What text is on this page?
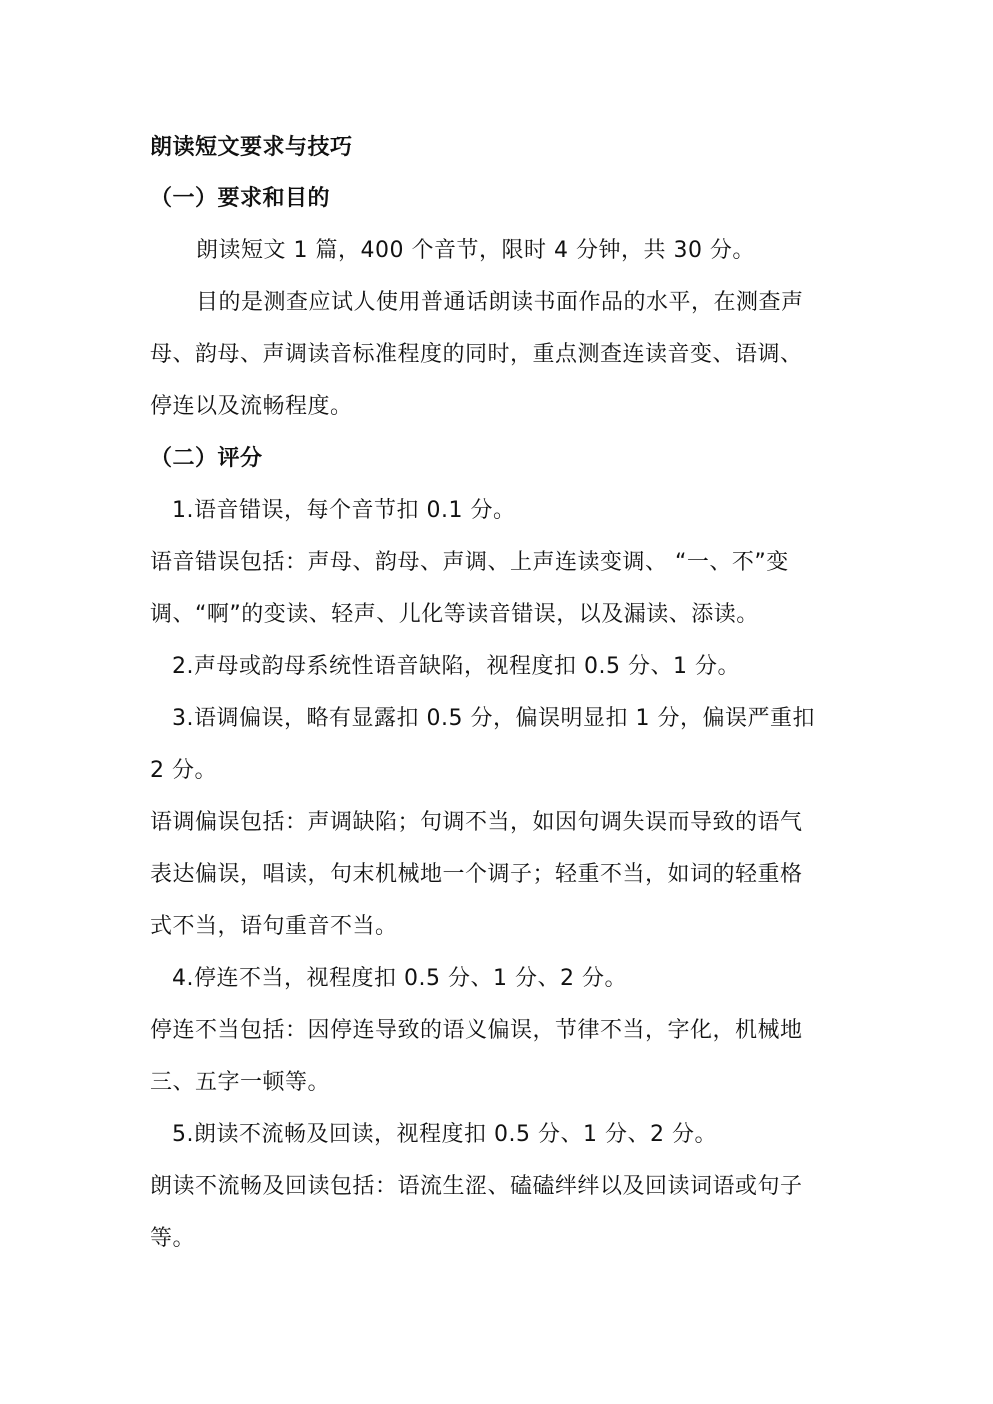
朗读短文要求与技巧
（一）要求和目的
朗读短文 1 篇，400 个音节，限时 4 分钟，共 30 分。
目的是测查应试人使用普通话朗读书面作品的水平，在测查声
母、韵母、声调读音标准程度的同时，重点测查连读音变、语调、
停连以及流畅程度。
（二）评分
1.语音错误，每个音节扣 0.1 分。
语音错误包括：声母、韵母、声调、上声连读变调、 “一、不”变
调、“啊”的变读、轻声、儿化等读音错误，以及漏读、添读。
2.声母或韵母系统性语音缺陷，视程度扣 0.5 分、1 分。
3.语调偏误，略有显露扣 0.5 分，偏误明显扣 1 分，偏误严重扣
2 分。
语调偏误包括：声调缺陷；句调不当，如因句调失误而导致的语气
表达偏误，唱读，句末机械地一个调子；轻重不当，如词的轻重格
式不当，语句重音不当。
4.停连不当，视程度扣 0.5 分、1 分、2 分。
停连不当包括：因停连导致的语义偏误，节律不当，字化，机械地
三、五字一顿等。
5.朗读不流畅及回读，视程度扣 0.5 分、1 分、2 分。
朗读不流畅及回读包括：语流生涩、磕磕绊绊以及回读词语或句子
等。
